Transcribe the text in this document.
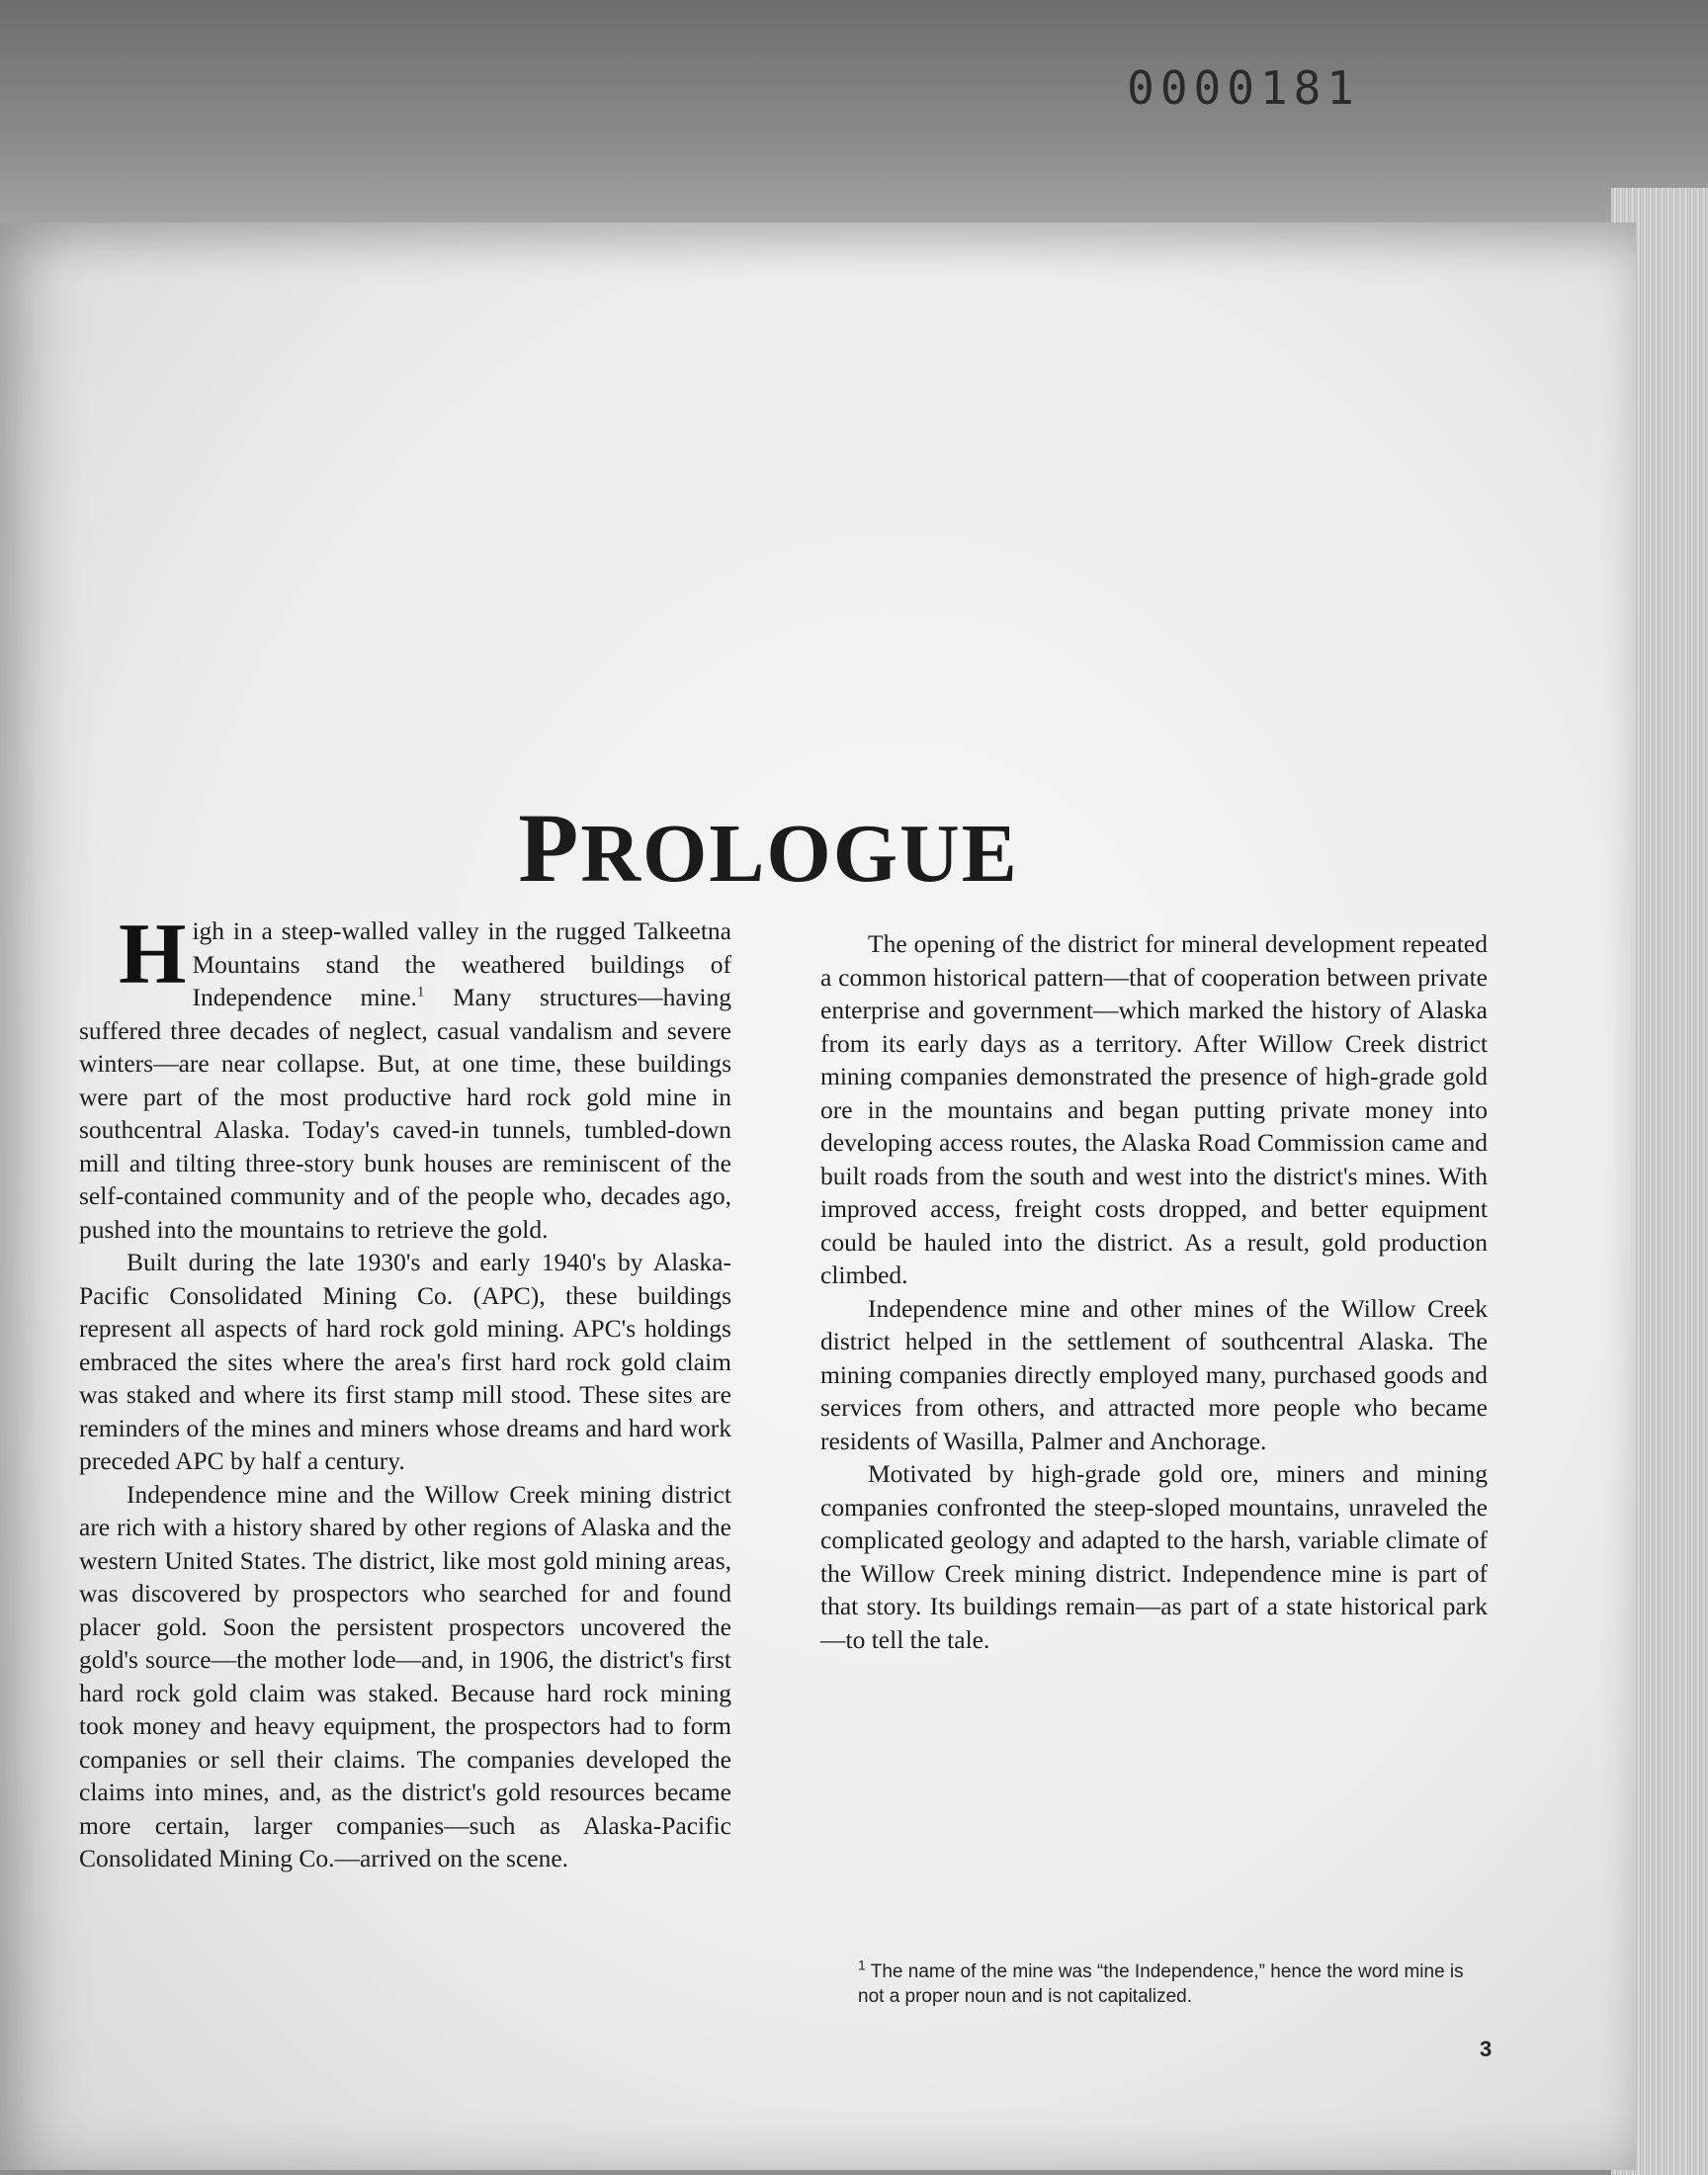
0000181
PROLOGUE

High in a steep-walled valley in the rugged Talkeetna Mountains stand the weathered buildings of Independence mine.$^1$ Many structures—having suffered three decades of neglect, casual vandalism and severe winters—are near collapse. But, at one time, these buildings were part of the most productive hard rock gold mine in southcentral Alaska. Today's caved-in tunnels, tumbled-down mill and tilting three-story bunk houses are reminiscent of the self-contained community and of the people who, decades ago, pushed into the mountains to retrieve the gold.

Built during the late 1930's and early 1940's by Alaska-Pacific Consolidated Mining Co. (APC), these buildings represent all aspects of hard rock gold mining. APC's holdings embraced the sites where the area's first hard rock gold claim was staked and where its first stamp mill stood. These sites are reminders of the mines and miners whose dreams and hard work preceded APC by half a century.

Independence mine and the Willow Creek mining district are rich with a history shared by other regions of Alaska and the western United States. The district, like most gold mining areas, was discovered by prospectors who searched for and found placer gold. Soon the persistent prospectors uncovered the gold's source—the mother lode—and, in 1906, the district's first hard rock gold claim was staked. Because hard rock mining took money and heavy equipment, the prospectors had to form companies or sell their claims. The companies developed the claims into mines, and, as the district's gold resources became more certain, larger companies—such as Alaska-Pacific Consolidated Mining Co.—arrived on the scene.

The opening of the district for mineral development repeated a common historical pattern—that of cooperation between private enterprise and government—which marked the history of Alaska from its early days as a territory. After Willow Creek district mining companies demonstrated the presence of high-grade gold ore in the mountains and began putting private money into developing access routes, the Alaska Road Commission came and built roads from the south and west into the district's mines. With improved access, freight costs dropped, and better equipment could be hauled into the district. As a result, gold production climbed.

Independence mine and other mines of the Willow Creek district helped in the settlement of southcentral Alaska. The mining companies directly employed many, purchased goods and services from others, and attracted more people who became residents of Wasilla, Palmer and Anchorage.

Motivated by high-grade gold ore, miners and mining companies confronted the steep-sloped mountains, unraveled the complicated geology and adapted to the harsh, variable climate of the Willow Creek mining district. Independence mine is part of that story. Its buildings remain—as part of a state historical park—to tell the tale.

$^1$ The name of the mine was “the Independence,” hence the word mine is not a proper noun and is not capitalized.
3
